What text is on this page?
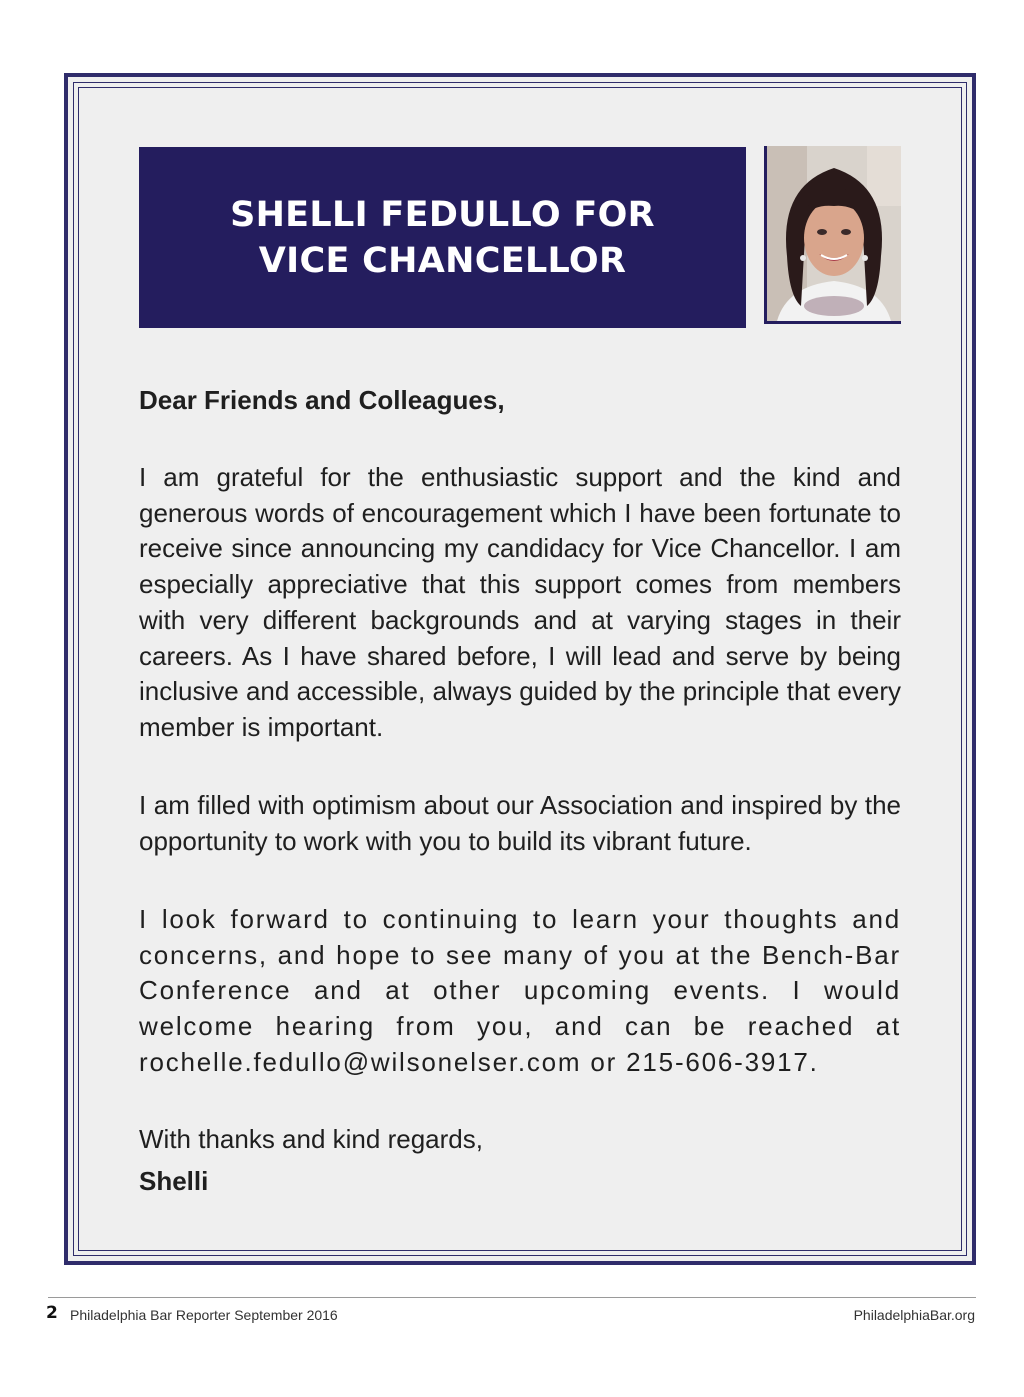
SHELLI FEDULLO FOR
VICE CHANCELLOR
Dear Friends and Colleagues,

I am grateful for the enthusiastic support and the kind and generous words of encouragement which I have been fortunate to receive since announcing my candidacy for Vice Chancellor. I am especially appreciative that this support comes from members with very different backgrounds and at varying stages in their careers. As I have shared before, I will lead and serve by being inclusive and accessible, always guided by the principle that every member is important.

I am filled with optimism about our Association and inspired by the opportunity to work with you to build its vibrant future.

I look forward to continuing to learn your thoughts and concerns, and hope to see many of you at the Bench-Bar Conference and at other upcoming events. I would welcome hearing from you, and can be reached at rochelle.fedullo@wilsonelser.com or 215-606-3917.

With thanks and kind regards,
Shelli
2 Philadelphia Bar Reporter September 2016	PhiladelphiaBar.org
